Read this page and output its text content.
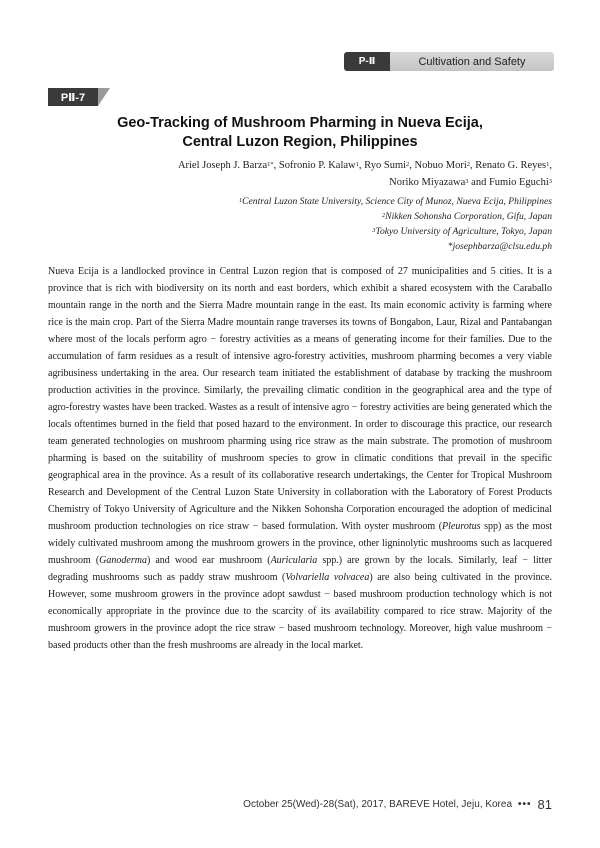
P-Ⅱ	Cultivation and Safety
PⅡ-7
Geo-Tracking of Mushroom Pharming in Nueva Ecija,
Central Luzon Region, Philippines
Ariel Joseph J. Barza$^{1*}$, Sofronio P. Kalaw$^1$, Ryo Sumi$^2$, Nobuo Mori$^2$, Renato G. Reyes$^1$,
Noriko Miyazawa$^3$ and Fumio Eguchi$^3$
$^1$Central Luzon State University, Science City of Munoz, Nueva Ecija, Philippines
$^2$Nikken Sohonsha Corporation, Gifu, Japan
$^3$Tokyo University of Agriculture, Tokyo, Japan
*josephbarza@clsu.edu.ph

Nueva Ecija is a landlocked province in Central Luzon region that is composed of 27 municipalities and 5 cities. It is a province that is rich with biodiversity on its north and east borders, which exhibit a shared ecosystem with the Caraballo mountain range in the north and the Sierra Madre mountain range in the east. Its main economic activity is farming where rice is the main crop. Part of the Sierra Madre mountain range traverses its towns of Bongabon, Laur, Rizal and Pantabangan where most of the locals perform agro − forestry activities as a means of generating income for their families. Due to the accumulation of farm residues as a result of intensive agro-forestry activities, mushroom pharming becomes a very viable agribusiness undertaking in the area. Our research team initiated the establishment of database by tracking the mushroom production activities in the province. Similarly, the prevailing climatic condition in the geographical area and the type of agro-forestry wastes have been tracked. Wastes as a result of intensive agro − forestry activities are being generated which the locals oftentimes burned in the field that posed hazard to the environment. In order to discourage this practice, our research team generated technologies on mushroom pharming using rice straw as the main substrate. The promotion of mushroom pharming is based on the suitability of mushroom species to grow in climatic conditions that prevail in the specific geographical area in the province. As a result of its collaborative research undertakings, the Center for Tropical Mushroom Research and Development of the Central Luzon State University in collaboration with the Laboratory of Forest Products Chemistry of Tokyo University of Agriculture and the Nikken Sohonsha Corporation encouraged the adoption of medicinal mushroom production technologies on rice straw − based formulation. With oyster mushroom (Pleurotus spp) as the most widely cultivated mushroom among the mushroom growers in the province, other ligninolytic mushrooms such as lacquered mushroom (Ganoderma) and wood ear mushroom (Auricularia spp.) are grown by the locals. Similarly, leaf − litter degrading mushrooms such as paddy straw mushroom (Volvariella volvacea) are also being cultivated in the province. However, some mushroom growers in the province adopt sawdust − based mushroom production technology which is not economically appropriate in the province due to the scarcity of its availability compared to rice straw. Majority of the mushroom growers in the province adopt the rice straw − based mushroom technology. Moreover, high value mushroom − based products other than the fresh mushrooms are already in the local market.

October 25(Wed)-28(Sat), 2017, BAREVE Hotel, Jeju, Korea ••• 81
